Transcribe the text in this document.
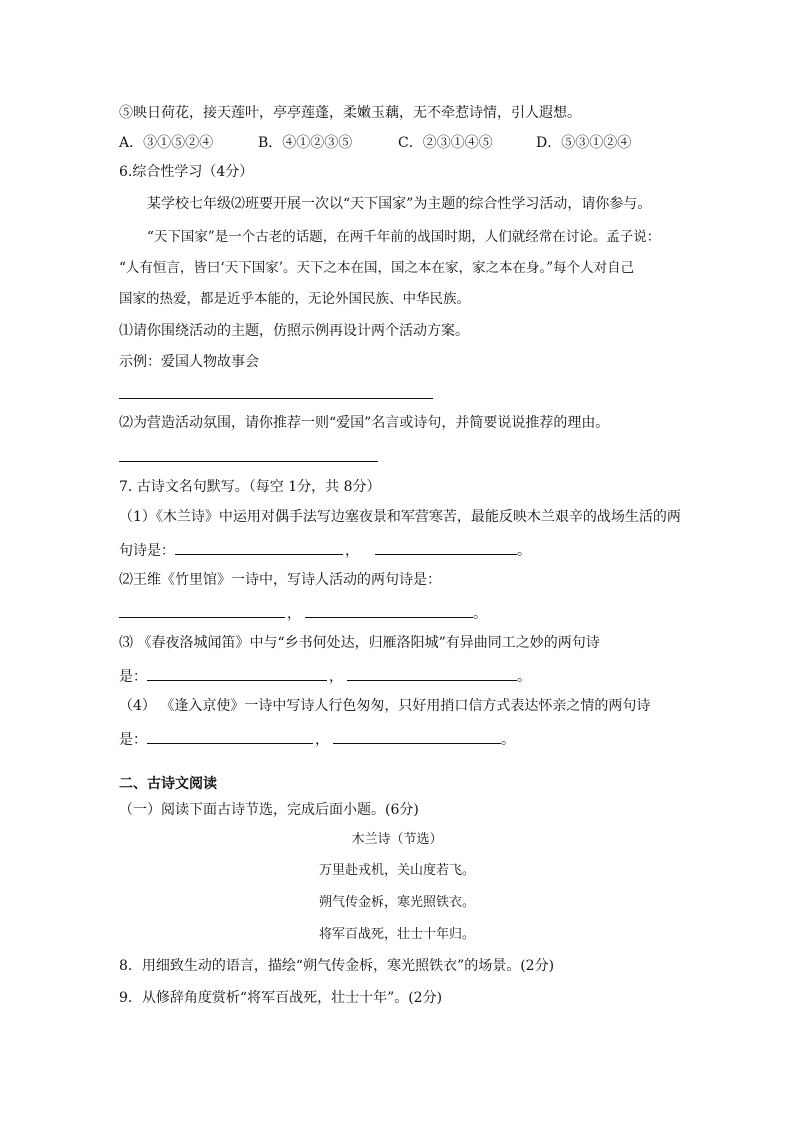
⑤映日荷花，接天莲叶，亭亭莲蓬，柔嫩玉藕，无不牵惹诗情，引人遐想。
A．③①⑤②④	B．④①②③⑤	C．②③①④⑤	D．⑤③①②④
6.综合性学习（4分）
某学校七年级⑵班要开展一次以“天下国家”为主题的综合性学习活动，请你参与。
“天下国家”是一个古老的话题，在两千年前的战国时期，人们就经常在讨论。孟子说：
“人有恒言，皆曰‘天下国家’。天下之本在国，国之本在家，家之本在身。”每个人对自己
国家的热爱，都是近乎本能的，无论外国民族、中华民族。
⑴请你围绕活动的主题，仿照示例再设计两个活动方案。
示例：爱国人物故事会
⑵为营造活动氛围，请你推荐一则“爱国”名言或诗句，并简要说说推荐的理由。
7. 古诗文名句默写。（每空 1分，共 8分）
（1）《木兰诗》中运用对偶手法写边塞夜景和军营寒苦，最能反映木兰艰辛的战场生活的两
句诗是：	，	。
⑵王维《竹里馆》一诗中，写诗人活动的两句诗是：
，	。
⑶ 《春夜洛城闻笛》中与“乡书何处达，归雁洛阳城”有异曲同工之妙的两句诗
是：	，	。
（4） 《逢入京使》一诗中写诗人行色匆匆，只好用捎口信方式表达怀亲之情的两句诗
是：	，	。
二、古诗文阅读
（一）阅读下面古诗节选，完成后面小题。(6分)
木兰诗（节选）
万里赴戎机，关山度若飞。
朔气传金柝，寒光照铁衣。
将军百战死，壮士十年归。
8．用细致生动的语言，描绘“朔气传金柝，寒光照铁衣”的场景。(2分)
9．从修辞角度赏析“将军百战死，壮士十年”。(2分)
